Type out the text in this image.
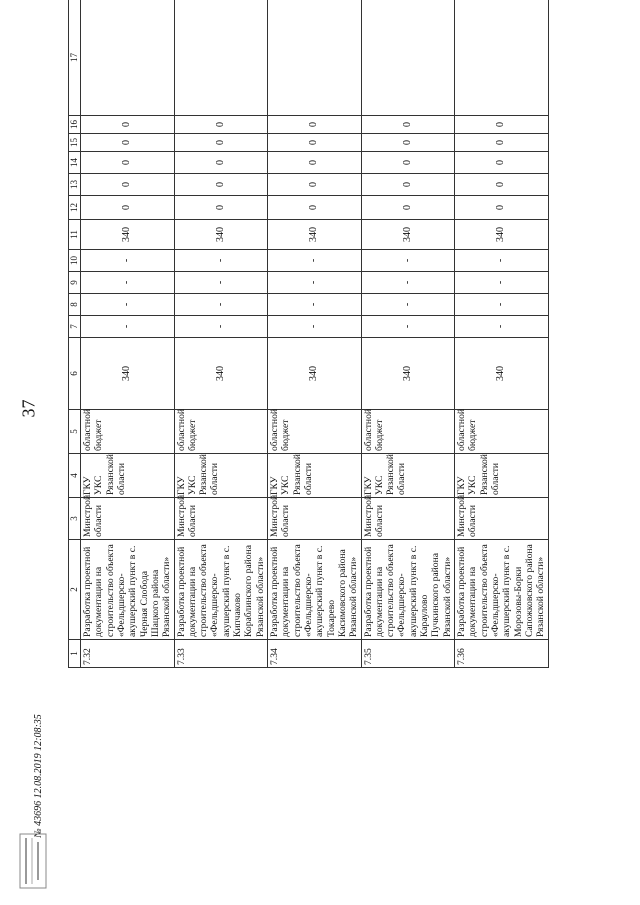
37
1	2	3	4	5	6	7	8	9	10	11	12	13	14	15	16	17
7.32	Разработка проектной документации на строительство объекта «Фельдшерско-акушерский пункт в с. Черная Слобода Шацкого района Рязанской области»	Минстрой области	ГКУ УКС Рязанской области	областной бюджет	340	-	-	-	-	340	0	0	0	0	0	
7.33	Разработка проектной документации на строительство объекта «Фельдшерско-акушерский пункт в с. Кипчаково Кораблинского района Рязанской области»	Минстрой области	ГКУ УКС Рязанской области	областной бюджет	340	-	-	-	-	340	0	0	0	0	0	
7.34	Разработка проектной документации на строительство объекта «Фельдшерско-акушерский пункт в с. Токарево Касимовского района Рязанской области»	Минстрой области	ГКУ УКС Рязанской области	областной бюджет	340	-	-	-	-	340	0	0	0	0	0	
7.35	Разработка проектной документации на строительство объекта «Фельдшерско-акушерский пункт в с. Караулово Пучкинского района Рязанской области»	Минстрой области	ГКУ УКС Рязанской области	областной бюджет	340	-	-	-	-	340	0	0	0	0	0	
7.36	Разработка проектной документации на строительство объекта «Фельдшерско-акушерский пункт в с. Морозовы-Борки Сапожковского района Рязанской области»	Минстрой области	ГКУ УКС Рязанской области	областной бюджет	340	-	-	-	-	340	0	0	0	0	0	
№ 43696 12.08.2019 12:08:35
